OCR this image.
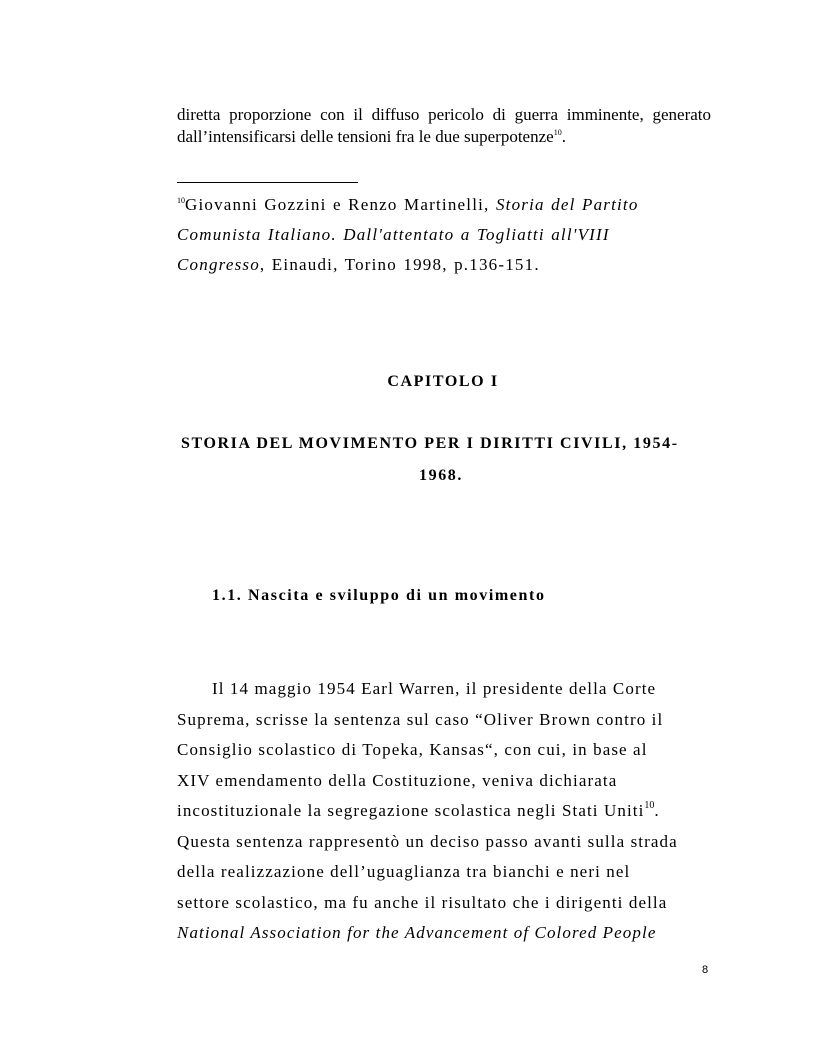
diretta proporzione con il diffuso pericolo di guerra imminente, generato
dall’intensificarsi delle tensioni fra le due superpotenze$^{10}$.
$^{10}$Giovanni Gozzini e Renzo Martinelli, Storia del Partito
Comunista Italiano. Dall'attentato a Togliatti all'VIII
Congresso, Einaudi, Torino 1998, p.136-151.
CAPITOLO I
STORIA DEL MOVIMENTO PER I DIRITTI CIVILI, 1954-
1968.
1.1. Nascita e sviluppo di un movimento
Il 14 maggio 1954 Earl Warren, il presidente della Corte
Suprema, scrisse la sentenza sul caso “Oliver Brown contro il
Consiglio scolastico di Topeka, Kansas“, con cui, in base al
XIV emendamento della Costituzione, veniva dichiarata
incostituzionale la segregazione scolastica negli Stati Uniti$^{10}$.
Questa sentenza rappresentò un deciso passo avanti sulla strada
della realizzazione dell’uguaglianza tra bianchi e neri nel
settore scolastico, ma fu anche il risultato che i dirigenti della
National Association for the Advancement of Colored People
8
